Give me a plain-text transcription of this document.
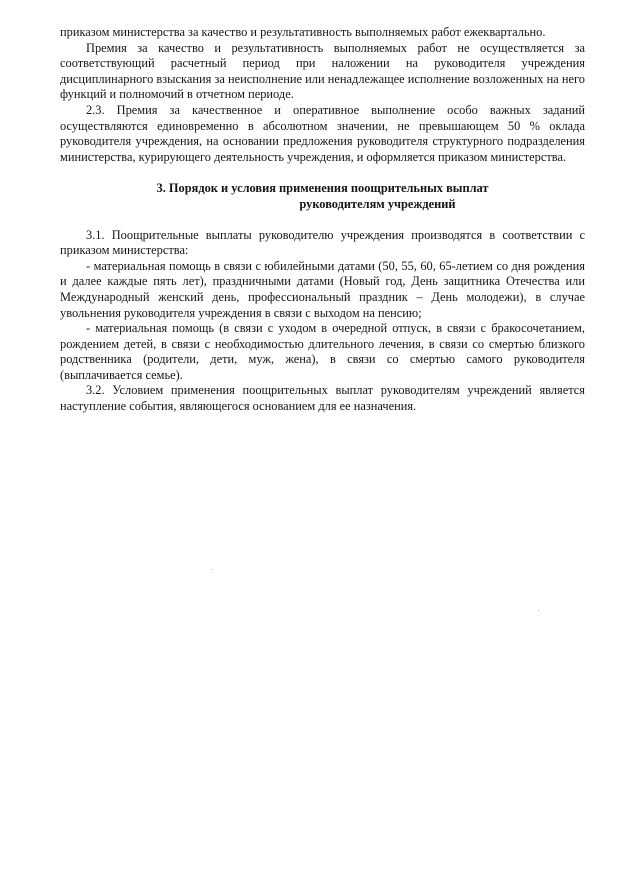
приказом министерства за качество и результативность выполняемых работ ежеквартально.

Премия за качество и результативность выполняемых работ не осуществляется за соответствующий расчетный период при наложении на руководителя учреждения дисциплинарного взыскания за неисполнение или ненадлежащее исполнение возложенных на него функций и полномочий в отчетном периоде.

2.3. Премия за качественное и оперативное выполнение особо важных заданий осуществляются единовременно в абсолютном значении, не превышающем 50 % оклада руководителя учреждения, на основании предложения руководителя структурного подразделения министерства, курирующего деятельность учреждения, и оформляется приказом министерства.

3. Порядок и условия применения поощрительных выплат
руководителям учреждений

3.1. Поощрительные выплаты руководителю учреждения производятся в соответствии с приказом министерства:

- материальная помощь в связи с юбилейными датами (50, 55, 60, 65-летием со дня рождения и далее каждые пять лет), праздничными датами (Новый год, День защитника Отечества или Международный женский день, профессиональный праздник – День молодежи), в случае увольнения руководителя учреждения в связи с выходом на пенсию;

- материальная помощь (в связи с уходом в очередной отпуск, в связи с бракосочетанием, рождением детей, в связи с необходимостью длительного лечения, в связи со смертью близкого родственника (родители, дети, муж, жена), в связи со смертью самого руководителя (выплачивается семье).

3.2. Условием применения поощрительных выплат руководителям учреждений является наступление события, являющегося основанием для ее назначения.
